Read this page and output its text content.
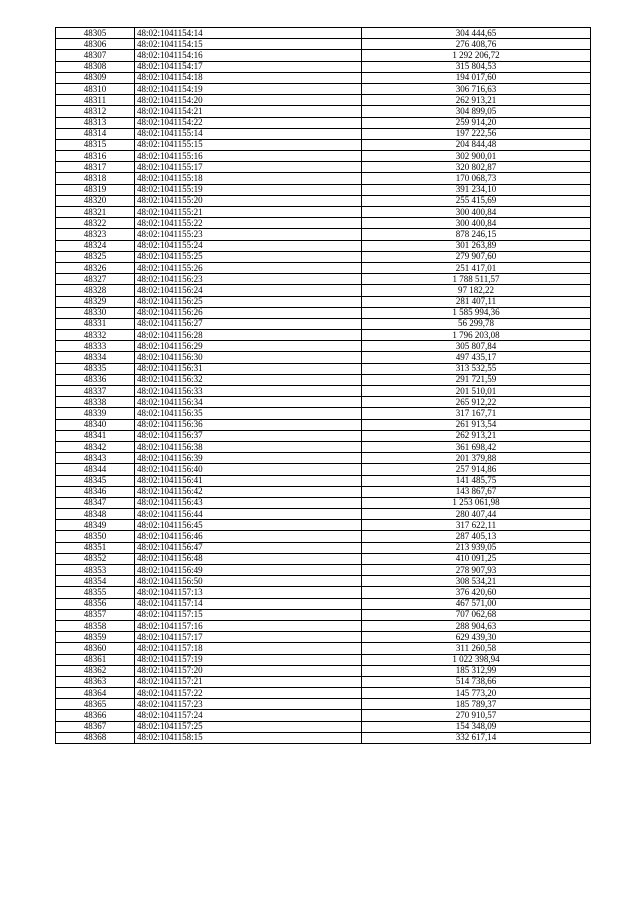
48305	48:02:1041154:14	304 444,65
48306	48:02:1041154:15	276 408,76
48307	48:02:1041154:16	1 292 206,72
48308	48:02:1041154:17	315 804,53
48309	48:02:1041154:18	194 017,60
48310	48:02:1041154:19	306 716,63
48311	48:02:1041154:20	262 913,21
48312	48:02:1041154:21	304 899,05
48313	48:02:1041154:22	259 914,20
48314	48:02:1041155:14	197 222,56
48315	48:02:1041155:15	204 844,48
48316	48:02:1041155:16	302 900,01
48317	48:02:1041155:17	320 802,87
48318	48:02:1041155:18	170 068,73
48319	48:02:1041155:19	391 234,10
48320	48:02:1041155:20	255 415,69
48321	48:02:1041155:21	300 400,84
48322	48:02:1041155:22	300 400,84
48323	48:02:1041155:23	878 246,15
48324	48:02:1041155:24	301 263,89
48325	48:02:1041155:25	279 907,60
48326	48:02:1041155:26	251 417,01
48327	48:02:1041156:23	1 788 511,57
48328	48:02:1041156:24	97 182,22
48329	48:02:1041156:25	281 407,11
48330	48:02:1041156:26	1 585 994,36
48331	48:02:1041156:27	56 299,78
48332	48:02:1041156:28	1 796 203,08
48333	48:02:1041156:29	305 807,84
48334	48:02:1041156:30	497 435,17
48335	48:02:1041156:31	313 532,55
48336	48:02:1041156:32	291 721,59
48337	48:02:1041156:33	201 510,01
48338	48:02:1041156:34	265 912,22
48339	48:02:1041156:35	317 167,71
48340	48:02:1041156:36	261 913,54
48341	48:02:1041156:37	262 913,21
48342	48:02:1041156:38	361 698,42
48343	48:02:1041156:39	201 379,88
48344	48:02:1041156:40	257 914,86
48345	48:02:1041156:41	141 485,75
48346	48:02:1041156:42	143 867,67
48347	48:02:1041156:43	1 253 061,98
48348	48:02:1041156:44	280 407,44
48349	48:02:1041156:45	317 622,11
48350	48:02:1041156:46	287 405,13
48351	48:02:1041156:47	213 939,05
48352	48:02:1041156:48	410 091,25
48353	48:02:1041156:49	278 907,93
48354	48:02:1041156:50	308 534,21
48355	48:02:1041157:13	376 420,60
48356	48:02:1041157:14	467 571,00
48357	48:02:1041157:15	707 062,68
48358	48:02:1041157:16	288 904,63
48359	48:02:1041157:17	629 439,30
48360	48:02:1041157:18	311 260,58
48361	48:02:1041157:19	1 022 398,94
48362	48:02:1041157:20	185 312,99
48363	48:02:1041157:21	514 738,66
48364	48:02:1041157:22	145 773,20
48365	48:02:1041157:23	185 789,37
48366	48:02:1041157:24	270 910,57
48367	48:02:1041157:25	154 348,09
48368	48:02:1041158:15	332 617,14
